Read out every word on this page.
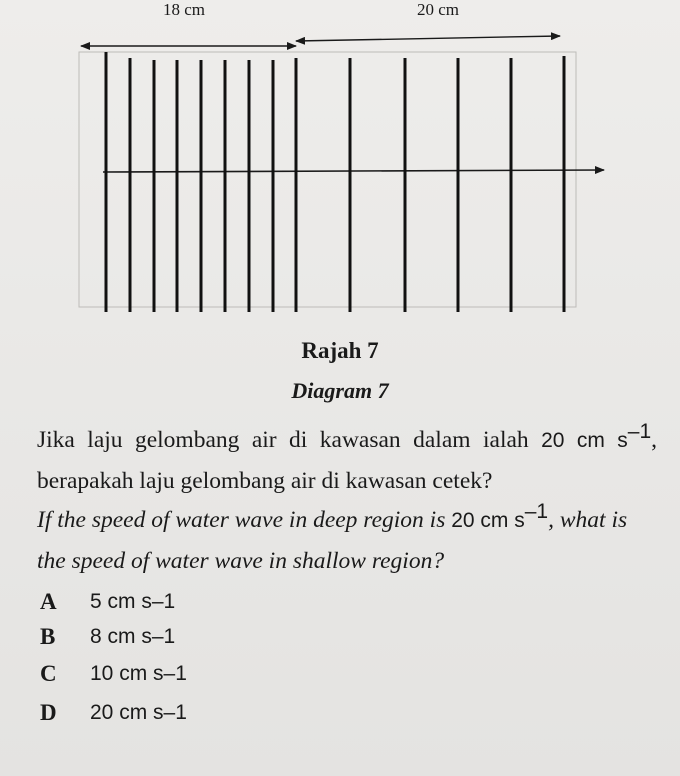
18 cm	20 cm
Rajah 7
Diagram 7
Jika laju gelombang air di kawasan dalam ialah 20 cm $s^{-1}$, berapakah laju gelombang air di kawasan cetek?
If the speed of water wave in deep region is 20 cm $s^{-1}$, what is the speed of water wave in shallow region?
A	5 cm s –1
B	8 cm s –1
C	10 cm s –1
D	20 cm s –1
